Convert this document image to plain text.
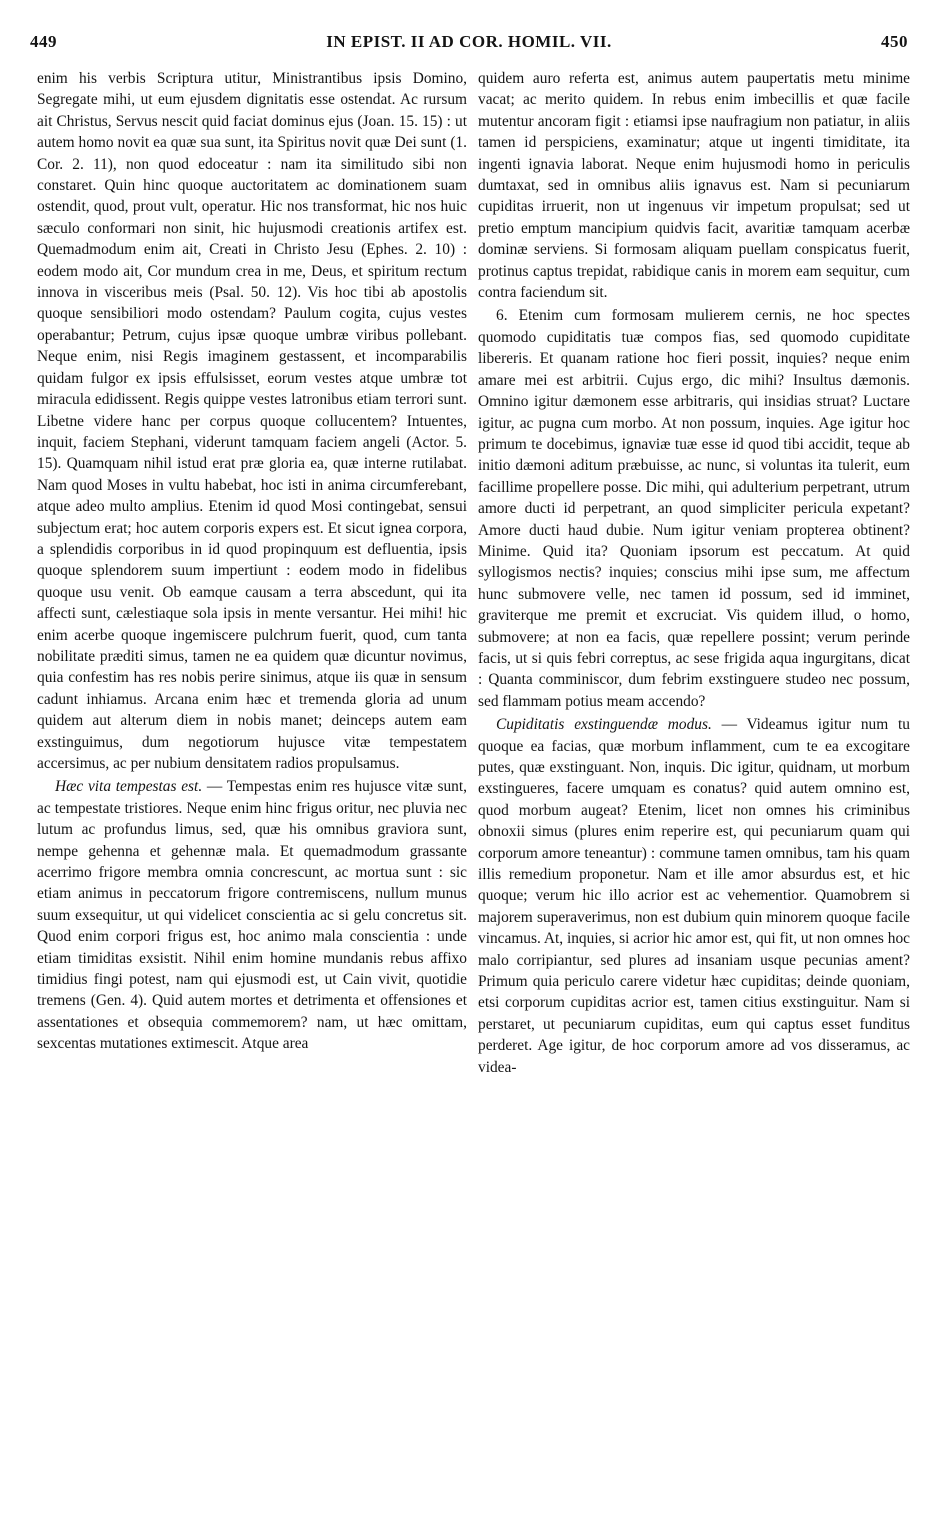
449	IN EPIST. II AD COR. HOMIL. VII.	450

enim his verbis Scriptura utitur, Ministrantibus ipsis Domino, Segregate mihi, ut eum ejusdem dignitatis esse ostendat. Ac rursum ait Christus, Servus nescit quid faciat dominus ejus (Joan. 15. 15) : ut autem homo novit ea quæ sua sunt, ita Spiritus novit quæ Dei sunt (1. Cor. 2. 11), non quod edoceatur : nam ita similitudo sibi non constaret. Quin hinc quoque auctoritatem ac dominationem suam ostendit, quod, prout vult, operatur. Hic nos transformat, hic nos huic sæculo conformari non sinit, hic hujusmodi creationis artifex est. Quemadmodum enim ait, Creati in Christo Jesu (Ephes. 2. 10) : eodem modo ait, Cor mundum crea in me, Deus, et spiritum rectum innova in visceribus meis (Psal. 50. 12). Vis hoc tibi ab apostolis quoque sensibiliori modo ostendam? Paulum cogita, cujus vestes operabantur; Petrum, cujus ipsæ quoque umbræ viribus pollebant. Neque enim, nisi Regis imaginem gestassent, et incomparabilis quidam fulgor ex ipsis effulsisset, eorum vestes atque umbræ tot miracula edidissent. Regis quippe vestes latronibus etiam terrori sunt. Libetne videre hanc per corpus quoque collucentem? Intuentes, inquit, faciem Stephani, viderunt tamquam faciem angeli (Actor. 5. 15). Quamquam nihil istud erat præ gloria ea, quæ interne rutilabat. Nam quod Moses in vultu habebat, hoc isti in anima circumferebant, atque adeo multo amplius. Etenim id quod Mosi contingebat, sensui subjectum erat; hoc autem corporis expers est. Et sicut ignea corpora, a splendidis corporibus in id quod propinquum est defluentia, ipsis quoque splendorem suum impertiunt : eodem modo in fidelibus quoque usu venit. Ob eamque causam a terra abscedunt, qui ita affecti sunt, cælestiaque sola ipsis in mente versantur. Hei mihi! hic enim acerbe quoque ingemiscere pulchrum fuerit, quod, cum tanta nobilitate præditi simus, tamen ne ea quidem quæ dicuntur novimus, quia confestim has res nobis perire sinimus, atque iis quæ in sensum cadunt inhiamus. Arcana enim hæc et tremenda gloria ad unum quidem aut alterum diem in nobis manet; deinceps autem eam exstinguimus, dum negotiorum hujusce vitæ tempestatem accersimus, ac per nubium densitatem radios propulsamus.

Hæc vita tempestas est. — Tempestas enim res hujusce vitæ sunt, ac tempestate tristiores. Neque enim hinc frigus oritur, nec pluvia nec lutum ac profundus limus, sed, quæ his omnibus graviora sunt, nempe gehenna et gehennæ mala. Et quemadmodum grassante acerrimo frigore membra omnia concrescunt, ac mortua sunt : sic etiam animus in peccatorum frigore contremiscens, nullum munus suum exsequitur, ut qui videlicet conscientia ac si gelu concretus sit. Quod enim corpori frigus est, hoc animo mala conscientia : unde etiam timiditas exsistit. Nihil enim homine mundanis rebus affixo timidius fingi potest, nam qui ejusmodi est, ut Cain vivit, quotidie tremens (Gen. 4). Quid autem mortes et detrimenta et offensiones et assentationes et obsequia commemorem? nam, ut hæc omittam, sexcentas mutationes extimescit. Atque area

quidem auro referta est, animus autem paupertatis metu minime vacat; ac merito quidem. In rebus enim imbecillis et quæ facile mutentur ancoram figit : etiamsi ipse naufragium non patiatur, in aliis tamen id perspiciens, examinatur; atque ut ingenti timiditate, ita ingenti ignavia laborat. Neque enim hujusmodi homo in periculis dumtaxat, sed in omnibus aliis ignavus est. Nam si pecuniarum cupiditas irruerit, non ut ingenuus vir impetum propulsat; sed ut pretio emptum mancipium quidvis facit, avaritiæ tamquam acerbæ dominæ serviens. Si formosam aliquam puellam conspicatus fuerit, protinus captus trepidat, rabidique canis in morem eam sequitur, cum contra faciendum sit.

6. Etenim cum formosam mulierem cernis, ne hoc spectes quomodo cupiditatis tuæ compos fias, sed quomodo cupiditate libereris. Et quanam ratione hoc fieri possit, inquies? neque enim amare mei est arbitrii. Cujus ergo, dic mihi? Insultus dæmonis. Omnino igitur dæmonem esse arbitraris, qui insidias struat? Luctare igitur, ac pugna cum morbo. At non possum, inquies. Age igitur hoc primum te docebimus, ignaviæ tuæ esse id quod tibi accidit, teque ab initio dæmoni aditum præbuisse, ac nunc, si voluntas ita tulerit, eum facillime propellere posse. Dic mihi, qui adulterium perpetrant, utrum amore ducti id perpetrant, an quod simpliciter pericula expetant? Amore ducti haud dubie. Num igitur veniam propterea obtinent? Minime. Quid ita? Quoniam ipsorum est peccatum. At quid syllogismos nectis? inquies; conscius mihi ipse sum, me affectum hunc submovere velle, nec tamen id possum, sed id imminet, graviterque me premit et excruciat. Vis quidem illud, o homo, submovere; at non ea facis, quæ repellere possint; verum perinde facis, ut si quis febri correptus, ac sese frigida aqua ingurgitans, dicat : Quanta comminiscor, dum febrim exstinguere studeo nec possum, sed flammam potius meam accendo?

Cupiditatis exstinguendæ modus. — Videamus igitur num tu quoque ea facias, quæ morbum inflamment, cum te ea excogitare putes, quæ exstinguant. Non, inquis. Dic igitur, quidnam, ut morbum exstingueres, facere umquam es conatus? quid autem omnino est, quod morbum augeat? Etenim, licet non omnes his criminibus obnoxii simus (plures enim reperire est, qui pecuniarum quam qui corporum amore teneantur) : commune tamen omnibus, tam his quam illis remedium proponetur. Nam et ille amor absurdus est, et hic quoque; verum hic illo acrior est ac vehementior. Quamobrem si majorem superaverimus, non est dubium quin minorem quoque facile vincamus. At, inquies, si acrior hic amor est, qui fit, ut non omnes hoc malo corripiantur, sed plures ad insaniam usque pecunias ament? Primum quia periculo carere videtur hæc cupiditas; deinde quoniam, etsi corporum cupiditas acrior est, tamen citius exstinguitur. Nam si perstaret, ut pecuniarum cupiditas, eum qui captus esset funditus perderet. Age igitur, de hoc corporum amore ad vos disseramus, ac videa-
